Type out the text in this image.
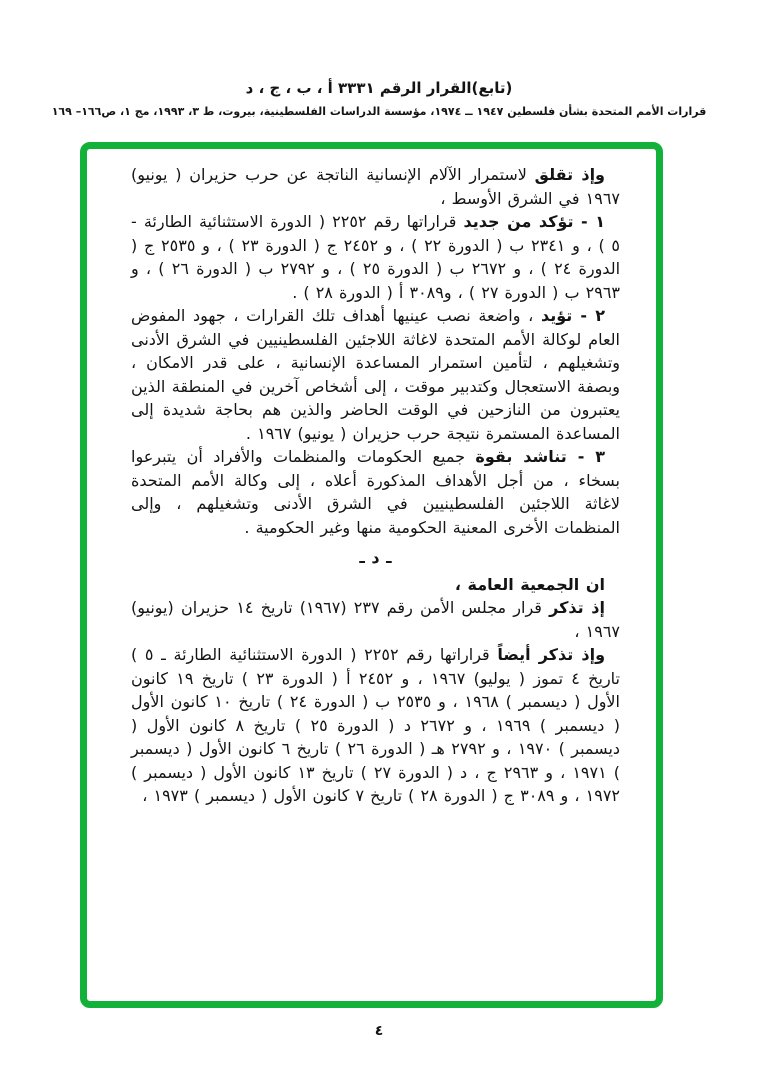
(تابع)القرار الرقم ٣٣٣١ أ ، ب ، ج ، د
قرارات الأمم المتحدة بشأن فلسطين ١٩٤٧ ــ ١٩٧٤، مؤسسة الدراسات الفلسطينية، بيروت، ط ٣، ١٩٩٣، مج ١، ص١٦٦– ١٦٩

وإذ تقلق لاستمرار الآلام الإنسانية الناتجة عن حرب حزيران ( يونيو) ١٩٦٧ في الشرق الأوسط ،

١ - تؤكد من جديد قراراتها رقم ٢٢٥٢ ( الدورة الاستثنائية الطارئة - ٥ ) ، و ٢٣٤١ ب ( الدورة ٢٢ ) ، و ٢٤٥٢ ج ( الدورة ٢٣ ) ، و ٢٥٣٥ ج ( الدورة ٢٤ ) ، و ٢٦٧٢ ب ( الدورة ٢٥ ) ، و ٢٧٩٢ ب ( الدورة ٢٦ ) ، و ٢٩٦٣ ب ( الدورة ٢٧ ) ، و٣٠٨٩ أ ( الدورة ٢٨ ) .

٢ - تؤيد ، واضعة نصب عينيها أهداف تلك القرارات ، جهود المفوض العام لوكالة الأمم المتحدة لاغاثة اللاجئين الفلسطينيين في الشرق الأدنى وتشغيلهم ، لتأمين استمرار المساعدة الإنسانية ، على قدر الامكان ، وبصفة الاستعجال وكتدبير موقت ، إلى أشخاص آخرين في المنطقة الذين يعتبرون من النازحين في الوقت الحاضر والذين هم بحاجة شديدة إلى المساعدة المستمرة نتيجة حرب حزيران ( يونيو) ١٩٦٧ .

٣ - تناشد بقوة جميع الحكومات والمنظمات والأفراد أن يتبرعوا بسخاء ، من أجل الأهداف المذكورة أعلاه ، إلى وكالة الأمم المتحدة لاغاثة اللاجئين الفلسطينيين في الشرق الأدنى وتشغيلهم ، وإلى المنظمات الأخرى المعنية الحكومية منها وغير الحكومية .

ـ د ـ

ان الجمعية العامة ،

إذ تذكر قرار مجلس الأمن رقم ٢٣٧ (١٩٦٧) تاريخ ١٤ حزيران (يونيو) ١٩٦٧ ،

وإذ تذكر أيضاً قراراتها رقم ٢٢٥٢ ( الدورة الاستثنائية الطارئة ـ ٥ ) تاريخ ٤ تموز ( يوليو) ١٩٦٧ ، و ٢٤٥٢ أ ( الدورة ٢٣ ) تاريخ ١٩ كانون الأول ( ديسمبر ) ١٩٦٨ ، و ٢٥٣٥ ب ( الدورة ٢٤ ) تاريخ ١٠ كانون الأول ( ديسمبر ) ١٩٦٩ ، و ٢٦٧٢ د ( الدورة ٢٥ ) تاريخ ٨ كانون الأول ( ديسمبر ) ١٩٧٠ ، و ٢٧٩٢ هـ ( الدورة ٢٦ ) تاريخ ٦ كانون الأول ( ديسمبر ) ١٩٧١ ، و ٢٩٦٣ ج ، د ( الدورة ٢٧ ) تاريخ ١٣ كانون الأول ( ديسمبر ) ١٩٧٢ ، و ٣٠٨٩ ج ( الدورة ٢٨ ) تاريخ ٧ كانون الأول ( ديسمبر ) ١٩٧٣ ،

٤
